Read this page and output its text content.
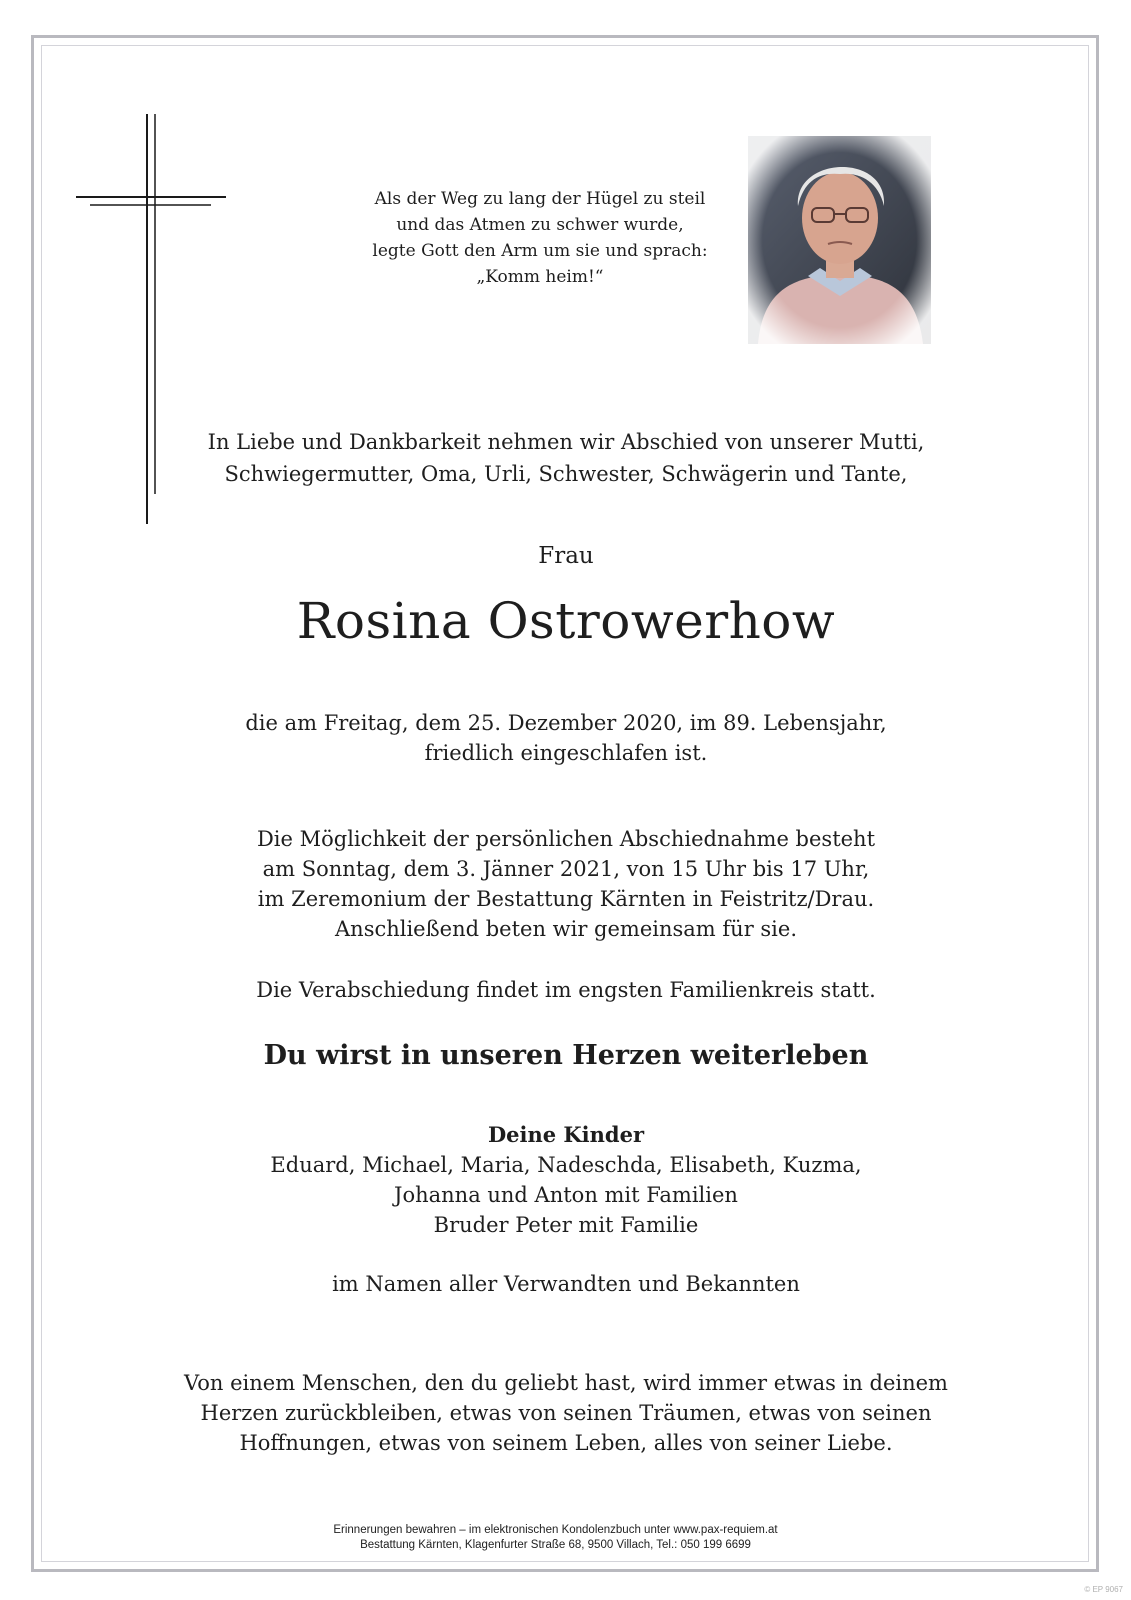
Als der Weg zu lang der Hügel zu steil
und das Atmen zu schwer wurde,
legte Gott den Arm um sie und sprach:
„Komm heim!“
In Liebe und Dankbarkeit nehmen wir Abschied von unserer Mutti,
Schwiegermutter, Oma, Urli, Schwester, Schwägerin und Tante,
Frau
Rosina Ostrowerhow
die am Freitag, dem 25. Dezember 2020, im 89. Lebensjahr,
friedlich eingeschlafen ist.
Die Möglichkeit der persönlichen Abschiednahme besteht
am Sonntag, dem 3. Jänner 2021, von 15 Uhr bis 17 Uhr,
im Zeremonium der Bestattung Kärnten in Feistritz/Drau.
Anschließend beten wir gemeinsam für sie.
Die Verabschiedung findet im engsten Familienkreis statt.
Du wirst in unseren Herzen weiterleben
Deine Kinder
Eduard, Michael, Maria, Nadeschda, Elisabeth, Kuzma,
Johanna und Anton mit Familien
Bruder Peter mit Familie
im Namen aller Verwandten und Bekannten
Von einem Menschen, den du geliebt hast, wird immer etwas in deinem
Herzen zurückbleiben, etwas von seinen Träumen, etwas von seinen
Hoffnungen, etwas von seinem Leben, alles von seiner Liebe.
Erinnerungen bewahren – im elektronischen Kondolenzbuch unter www.pax-requiem.at
Bestattung Kärnten, Klagenfurter Straße 68, 9500 Villach, Tel.: 050 199 6699
© EP 9067
